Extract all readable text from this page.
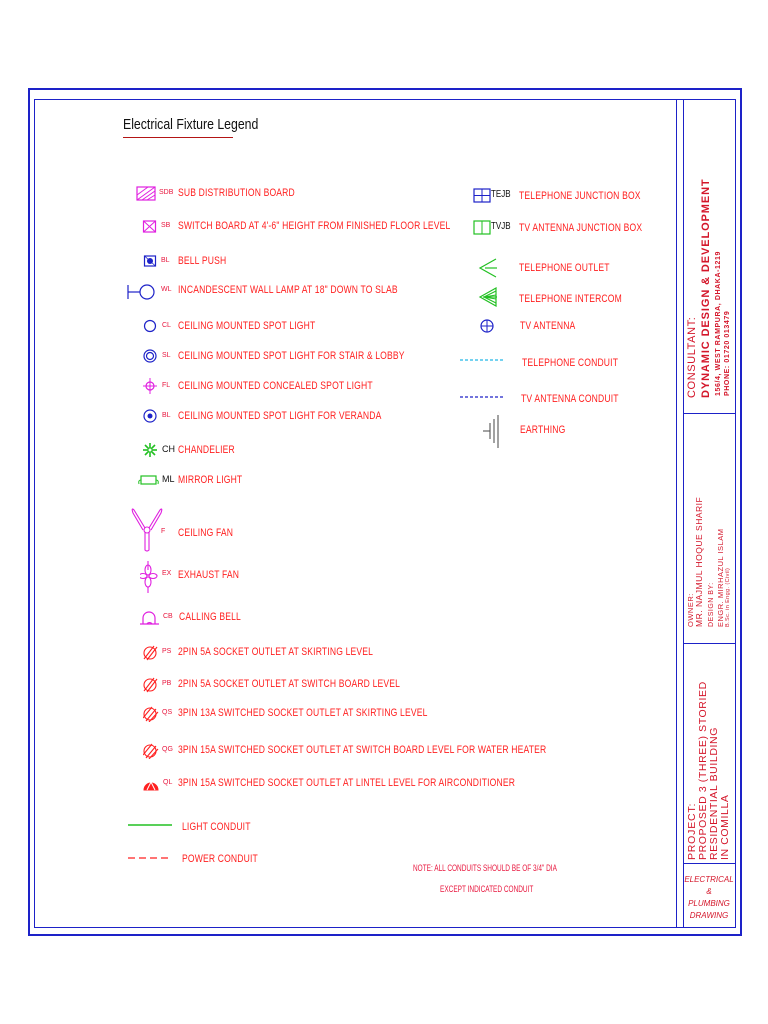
Electrical Fixture Legend
SDB SUB DISTRIBUTION BOARD
SB SWITCH BOARD AT 4'-6" HEIGHT FROM FINISHED FLOOR LEVEL
BL BELL PUSH
WL INCANDESCENT WALL LAMP AT 18" DOWN TO SLAB
CL CEILING MOUNTED SPOT LIGHT
SL CEILING MOUNTED SPOT LIGHT FOR STAIR & LOBBY
FL CEILING MOUNTED CONCEALED SPOT LIGHT
BL CEILING MOUNTED SPOT LIGHT FOR VERANDA
CH CHANDELIER
ML MIRROR LIGHT
F CEILING FAN
EX EXHAUST FAN
CB CALLING BELL
PS 2PIN 5A SOCKET OUTLET AT SKIRTING LEVEL
PB 2PIN 5A SOCKET OUTLET AT SWITCH BOARD LEVEL
QS 3PIN 13A SWITCHED SOCKET OUTLET AT SKIRTING LEVEL
QG 3PIN 15A SWITCHED SOCKET OUTLET AT SWITCH BOARD LEVEL FOR WATER HEATER
QL 3PIN 15A SWITCHED SOCKET OUTLET AT LINTEL LEVEL FOR AIRCONDITIONER
LIGHT CONDUIT
POWER CONDUIT
TEJB TELEPHONE JUNCTION BOX
TVJB TV ANTENNA JUNCTION BOX
TELEPHONE OUTLET
TELEPHONE INTERCOM
TV ANTENNA
TELEPHONE CONDUIT
TV ANTENNA CONDUIT
EARTHING
NOTE: ALL CONDUITS SHOULD BE OF 3/4" DIA
EXCEPT INDICATED CONDUIT
CONSULTANT: DYNAMIC DESIGN & DEVELOPMENT 156/4, WEST RAMPURA, DHAKA-1219 PHONE: 01720 013479
OWNER: MR. NAJMUL HOQUE SHARIF DESIGN BY: ENGR. MIRHAZUL ISLAM B.Sc. in Engg. (Civil)
PROJECT: PROPOSED 3 (THREE) STORIED RESIDENTIAL BUILDING IN COMILLA
ELECTRICAL &
PLUMBING
DRAWING
